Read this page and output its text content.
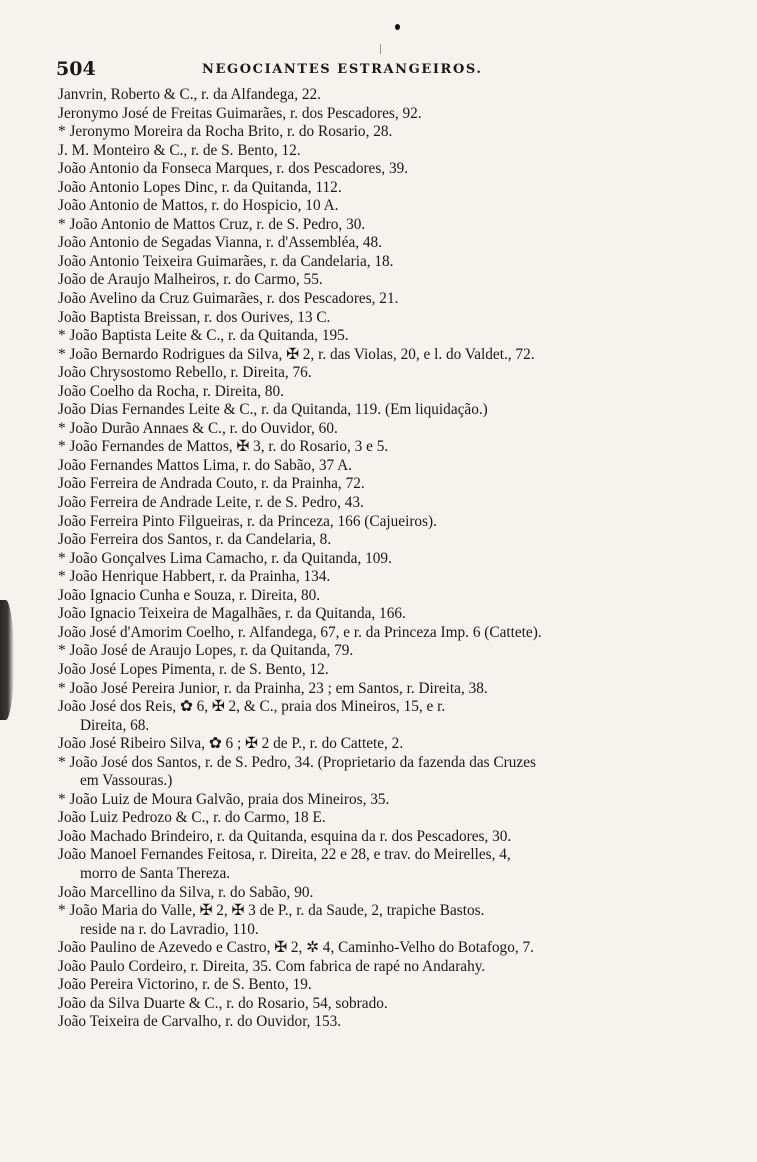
504	NEGOCIANTES ESTRANGEIROS.
Janvrin, Roberto & C., r. da Alfandega, 22.
Jeronymo José de Freitas Guimarães, r. dos Pescadores, 92.
* Jeronymo Moreira da Rocha Brito, r. do Rosario, 28.
J. M. Monteiro & C., r. de S. Bento, 12.
João Antonio da Fonseca Marques, r. dos Pescadores, 39.
João Antonio Lopes Dinc, r. da Quitanda, 112.
João Antonio de Mattos, r. do Hospicio, 10 A.
* João Antonio de Mattos Cruz, r. de S. Pedro, 30.
João Antonio de Segadas Vianna, r. d'Assembléa, 48.
João Antonio Teixeira Guimarães, r. da Candelaria, 18.
João de Araujo Malheiros, r. do Carmo, 55.
João Avelino da Cruz Guimarães, r. dos Pescadores, 21.
João Baptista Breissan, r. dos Ourives, 13 C.
* João Baptista Leite & C., r. da Quitanda, 195.
* João Bernardo Rodrigues da Silva, ✠ 2, r. das Violas, 20, e l. do Valdet., 72.
João Chrysostomo Rebello, r. Direita, 76.
João Coelho da Rocha, r. Direita, 80.
João Dias Fernandes Leite & C., r. da Quitanda, 119. (Em liquidação.)
* João Durão Annaes & C., r. do Ouvidor, 60.
* João Fernandes de Mattos, ✠ 3, r. do Rosario, 3 e 5.
João Fernandes Mattos Lima, r. do Sabão, 37 A.
João Ferreira de Andrada Couto, r. da Prainha, 72.
João Ferreira de Andrade Leite, r. de S. Pedro, 43.
João Ferreira Pinto Filgueiras, r. da Princeza, 166 (Cajueiros).
João Ferreira dos Santos, r. da Candelaria, 8.
* João Gonçalves Lima Camacho, r. da Quitanda, 109.
* João Henrique Habbert, r. da Prainha, 134.
João Ignacio Cunha e Souza, r. Direita, 80.
João Ignacio Teixeira de Magalhães, r. da Quitanda, 166.
João José d'Amorim Coelho, r. Alfandega, 67, e r. da Princeza Imp. 6 (Cattete).
* João José de Araujo Lopes, r. da Quitanda, 79.
João José Lopes Pimenta, r. de S. Bento, 12.
* João José Pereira Junior, r. da Prainha, 23 ; em Santos, r. Direita, 38.
João José dos Reis, ✿ 6, ✠ 2, & C., praia dos Mineiros, 15, e r.
Direita, 68.
João José Ribeiro Silva, ✿ 6 ; ✠ 2 de P., r. do Cattete, 2.
* João José dos Santos, r. de S. Pedro, 34. (Proprietario da fazenda das Cruzes
em Vassouras.)
* João Luiz de Moura Galvão, praia dos Mineiros, 35.
João Luiz Pedrozo & C., r. do Carmo, 18 E.
João Machado Brindeiro, r. da Quitanda, esquina da r. dos Pescadores, 30.
João Manoel Fernandes Feitosa, r. Direita, 22 e 28, e trav. do Meirelles, 4,
morro de Santa Thereza.
João Marcellino da Silva, r. do Sabão, 90.
* João Maria do Valle, ✠ 2, ✠ 3 de P., r. da Saude, 2, trapiche Bastos.
reside na r. do Lavradio, 110.
João Paulino de Azevedo e Castro, ✠ 2, ✲ 4, Caminho-Velho do Botafogo, 7.
João Paulo Cordeiro, r. Direita, 35. Com fabrica de rapé no Andarahy.
João Pereira Victorino, r. de S. Bento, 19.
João da Silva Duarte & C., r. do Rosario, 54, sobrado.
João Teixeira de Carvalho, r. do Ouvidor, 153.
